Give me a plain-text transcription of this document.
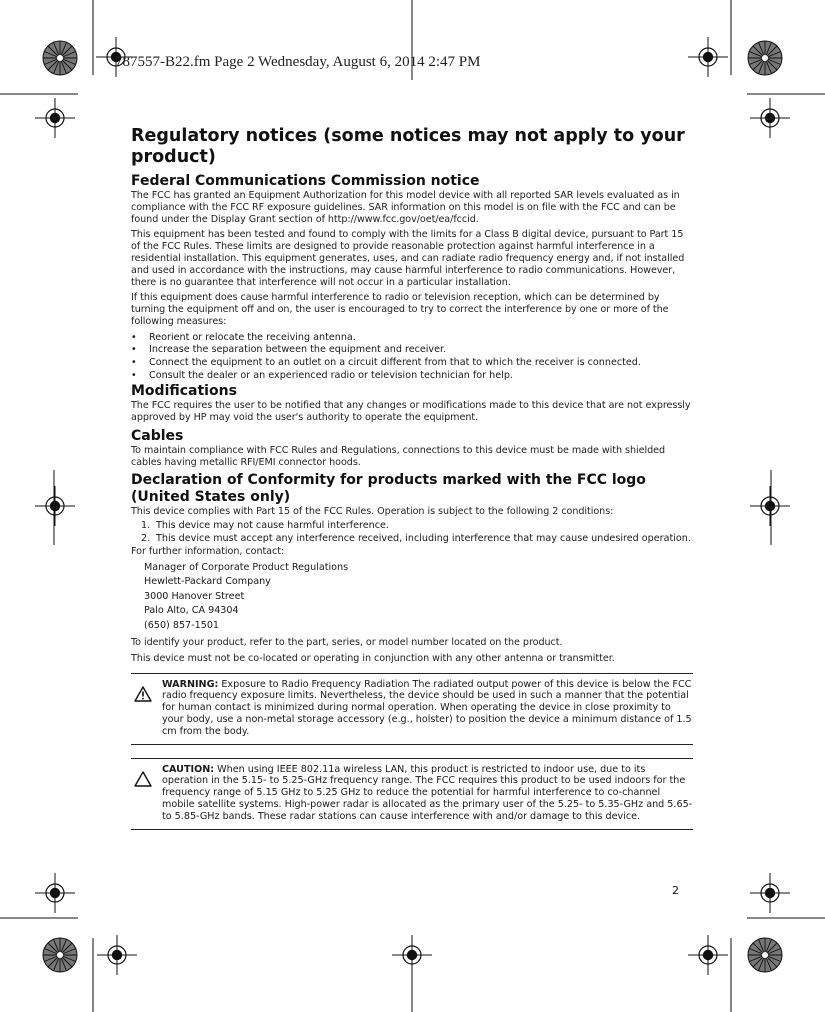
787557-B22.fm Page 2 Wednesday, August 6, 2014 2:47 PM
Regulatory notices (some notices may not apply to your product)
Federal Communications Commission notice

The FCC has granted an Equipment Authorization for this model device with all reported SAR levels evaluated as in compliance with the FCC RF exposure guidelines. SAR information on this model is on file with the FCC and can be found under the Display Grant section of http://www.fcc.gov/oet/ea/fccid.

This equipment has been tested and found to comply with the limits for a Class B digital device, pursuant to Part 15 of the FCC Rules. These limits are designed to provide reasonable protection against harmful interference in a residential installation. This equipment generates, uses, and can radiate radio frequency energy and, if not installed and used in accordance with the instructions, may cause harmful interference to radio communications. However, there is no guarantee that interference will not occur in a particular installation.

If this equipment does cause harmful interference to radio or television reception, which can be determined by turning the equipment off and on, the user is encouraged to try to correct the interference by one or more of the following measures:

• Reorient or relocate the receiving antenna.
• Increase the separation between the equipment and receiver.
• Connect the equipment to an outlet on a circuit different from that to which the receiver is connected.
• Consult the dealer or an experienced radio or television technician for help.
Modifications

The FCC requires the user to be notified that any changes or modifications made to this device that are not expressly approved by HP may void the user's authority to operate the equipment.

Cables

To maintain compliance with FCC Rules and Regulations, connections to this device must be made with shielded cables having metallic RFI/EMI connector hoods.

Declaration of Conformity for products marked with the FCC logo (United States only)

This device complies with Part 15 of the FCC Rules. Operation is subject to the following 2 conditions:

1. This device may not cause harmful interference.
2. This device must accept any interference received, including interference that may cause undesired operation.

For further information, contact:

Manager of Corporate Product Regulations
Hewlett-Packard Company
3000 Hanover Street
Palo Alto, CA 94304
(650) 857-1501

To identify your product, refer to the part, series, or model number located on the product.

This device must not be co-located or operating in conjunction with any other antenna or transmitter.

WARNING: Exposure to Radio Frequency Radiation The radiated output power of this device is below the FCC radio frequency exposure limits. Nevertheless, the device should be used in such a manner that the potential for human contact is minimized during normal operation. When operating the device in close proximity to your body, use a non-metal storage accessory (e.g., holster) to position the device a minimum distance of 1.5 cm from the body.
CAUTION: When using IEEE 802.11a wireless LAN, this product is restricted to indoor use, due to its operation in the 5.15- to 5.25-GHz frequency range. The FCC requires this product to be used indoors for the frequency range of 5.15 GHz to 5.25 GHz to reduce the potential for harmful interference to co-channel mobile satellite systems. High-power radar is allocated as the primary user of the 5.25- to 5.35-GHz and 5.65- to 5.85-GHz bands. These radar stations can cause interference with and/or damage to this device.
2
